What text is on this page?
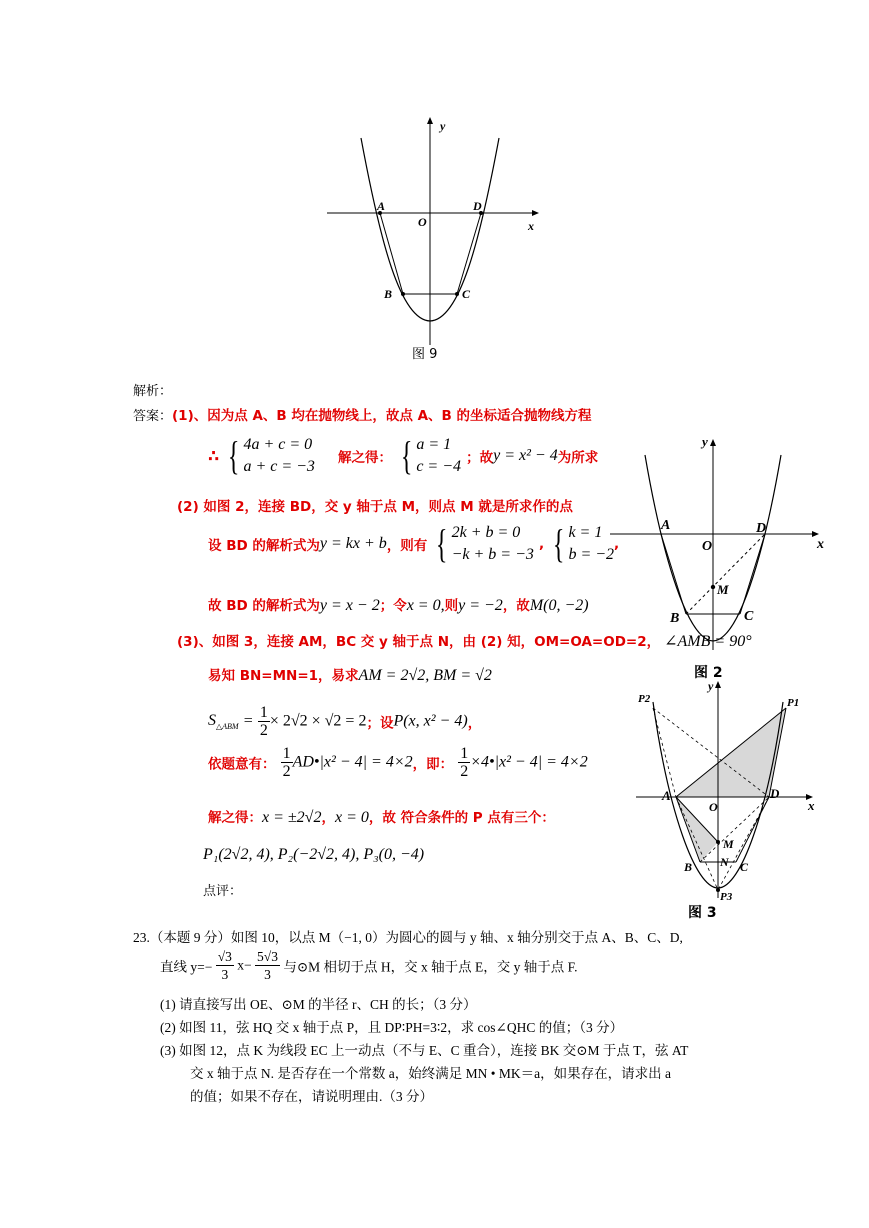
y
x
O
A	D
B	C
图 9
y
x
O
A	D
M
B	C
图 2
y
x
O
A	D
M
N
B	C
P1
P2
P3
图 3
解析：
答案：(1)、因为点 A、B 均在抛物线上，故点 A、B 的坐标适合抛物线方程
∴ { 4a + c = 0
a + c = −3 解之得： { a = 1
c = −4 ；故y = x² − 4为所求
(2) 如图 2，连接 BD，交 y 轴于点 M，则点 M 就是所求作的点
设 BD 的解析式为y = kx + b，则有 { 2k + b = 0
−k + b = −3
, { k = 1
b = −2
,
故 BD 的解析式为y = x − 2；令x = 0,则y = −2，故M(0, −2)
(3)、如图 3，连接 AM，BC 交 y 轴于点 N，由 (2) 知，OM=OA=OD=2， ∠AMB = 90°
易知 BN=MN=1，易求AM = 2√2, BM = √2
$S_{\triangle ABM} = \frac{1}{2} \times 2√2 \times √2 = 2$；设P(x, x² − 4)，
依题意有： $\frac{1}{2}$ AD•|x² − 4| = 4×2，即： $\frac{1}{2}$ ×4•|x² − 4| = 4×2
解之得：x = ±2√2，x = 0，故 符合条件的 P 点有三个：
P₁(2√2, 4), P₂(−2√2, 4), P₃(0, −4)
点评：
23.（本题 9 分）如图 10，以点 M（−1, 0）为圆心的圆与 y 轴、x 轴分别交于点 A、B、C、D,
直线 $y=- \frac{√3}{3} x- \frac{5√3}{3}$ 与⊙M 相切于点 H，交 x 轴于点 E，交 y 轴于点 F.
(1) 请直接写出 OE、⊙M 的半径 r、CH 的长；（3 分）
(2) 如图 11，弦 HQ 交 x 轴于点 P，且 DP∶PH=3∶2，求 cos∠QHC 的值；（3 分）
(3) 如图 12，点 K 为线段 EC 上一动点（不与 E、C 重合），连接 BK 交⊙M 于点 T，弦 AT
交 x 轴于点 N. 是否存在一个常数 a，始终满足 MN • MK＝a，如果存在，请求出 a
的值；如果不存在，请说明理由.（3 分）
